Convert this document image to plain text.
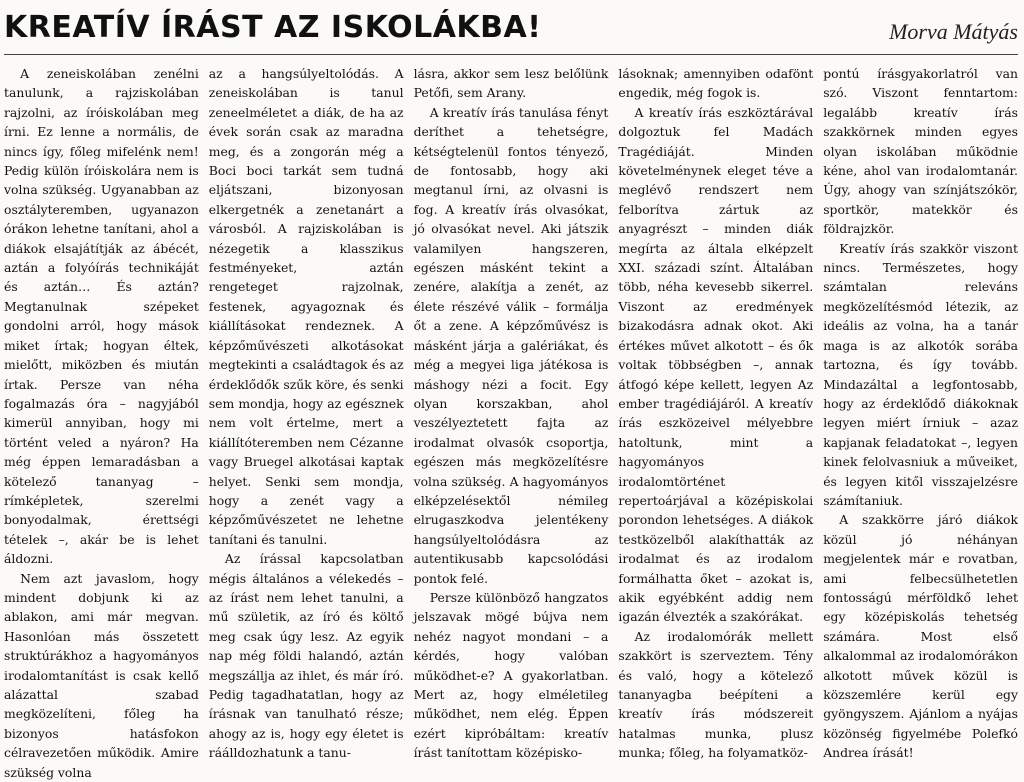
KREATÍV ÍRÁST AZ ISKOLÁKBA!	Morva Mátyás

A zeneiskolában zenélni tanulunk, a rajziskolában rajzolni, az íróiskolában meg írni. Ez lenne a normális, de nincs így, főleg mifelénk nem! Pedig külön íróiskolára nem is volna szükség. Ugyanabban az osztályteremben, ugyanazon órákon lehetne tanítani, ahol a diákok elsajátítják az ábécét, aztán a folyóírás technikáját és aztán… És aztán? Megtanulnak szépeket gondolni arról, hogy mások miket írtak; hogyan éltek, mielőtt, miközben és miután írtak. Persze van néha fogalmazás óra – nagyjából kimerül annyiban, hogy mi történt veled a nyáron? Ha még éppen lemaradásban a kötelező tananyag – rímképletek, szerelmi bonyodalmak, érettségi tételek –, akár be is lehet áldozni.

Nem azt javaslom, hogy mindent dobjunk ki az ablakon, ami már megvan. Hasonlóan más összetett struktúrákhoz a hagyományos irodalomtanítást is csak kellő alázattal szabad megközelíteni, főleg ha bizonyos hatásfokon célravezetően működik. Amire szükség volna

az a hangsúlyeltolódás. A zeneiskolában is tanul zeneelméletet a diák, de ha az évek során csak az maradna meg, és a zongorán még a Boci boci tarkát sem tudná eljátszani, bizonyosan elkergetnék a zenetanárt a városból. A rajziskolában is nézegetik a klasszikus festményeket, aztán rengeteget rajzolnak, festenek, agyagoznak és kiállításokat rendeznek. A képzőművészeti alkotásokat megtekinti a családtagok és az érdeklődők szűk köre, és senki sem mondja, hogy az egésznek nem volt értelme, mert a kiállítóteremben nem Cézanne vagy Bruegel alkotásai kaptak helyet. Senki sem mondja, hogy a zenét vagy a képzőművészetet ne lehetne tanítani és tanulni.

Az írással kapcsolatban mégis általános a vélekedés – az írást nem lehet tanulni, a mű születik, az író és költő meg csak úgy lesz. Az egyik nap még földi halandó, aztán megszállja az ihlet, és már író. Pedig tagadhatatlan, hogy az írásnak van tanulható része; ahogy az is, hogy egy életet is ráálldozhatunk a tanu-

lásra, akkor sem lesz belőlünk Petőfi, sem Arany.

A kreatív írás tanulása fényt deríthet a tehetségre, kétségtelenül fontos tényező, de fontosabb, hogy aki megtanul írni, az olvasni is fog. A kreatív írás olvasókat, jó olvasókat nevel. Aki játszik valamilyen hangszeren, egészen másként tekint a zenére, alakítja a zenét, az élete részévé válik – formálja őt a zene. A képzőművész is másként járja a galériákat, és még a megyei liga játékosa is máshogy nézi a focit. Egy olyan korszakban, ahol veszélyeztetett fajta az irodalmat olvasók csoportja, egészen más megközelítésre volna szükség. A hagyományos elképzelésektől némileg elrugaszkodva jelentékeny hangsúlyeltolódásra az autentikusabb kapcsolódási pontok felé.

Persze különböző hangzatos jelszavak mögé bújva nem nehéz nagyot mondani – a kérdés, hogy valóban működhet-e? A gyakorlatban. Mert az, hogy elméletileg működhet, nem elég. Éppen ezért kipróbáltam: kreatív írást tanítottam középisko-

lásoknak; amennyiben odafönt engedik, még fogok is.

A kreatív írás eszköztárával dolgoztuk fel Madách Tragédiáját. Minden követelménynek eleget téve a meglévő rendszert nem felborítva zártuk az anyagrészt – minden diák megírta az általa elképzelt XXI. századi színt. Általában több, néha kevesebb sikerrel. Viszont az eredmények bizakodásra adnak okot. Aki értékes művet alkotott – és ők voltak többségben –, annak átfogó képe kellett, legyen Az ember tragédiájáról. A kreatív írás eszközeivel mélyebbre hatoltunk, mint a hagyományos irodalomtörténet repertoárjával a középiskolai porondon lehetséges. A diákok testközelből alakíthatták az irodalmat és az irodalom formálhatta őket – azokat is, akik egyébként addig nem igazán élvezték a szakórákat.

Az irodalomórák mellett szakkört is szerveztem. Tény és való, hogy a kötelező tananyagba beépíteni a kreatív írás módszereit hatalmas munka, plusz munka; főleg, ha folyamatköz-

pontú írásgyakorlatról van szó. Viszont fenntartom: legalább kreatív írás szakkörnek minden egyes olyan iskolában működnie kéne, ahol van irodalomtanár. Úgy, ahogy van színjátszókör, sportkör, matekkör és földrajzkör.

Kreatív írás szakkör viszont nincs. Természetes, hogy számtalan releváns megközelítésmód létezik, az ideális az volna, ha a tanár maga is az alkotók sorába tartozna, és így tovább. Mindazáltal a legfontosabb, hogy az érdeklődő diákoknak legyen miért írniuk – azaz kapjanak feladatokat –, legyen kinek felolvasniuk a műveiket, és legyen kitől visszajelzésre számítaniuk.

A szakkörre járó diákok közül jó néhányan megjelentek már e rovatban, ami felbecsülhetetlen fontosságú mérföldkő lehet egy középiskolás tehetség számára. Most első alkalommal az irodalomórákon alkotott művek közül is közszemlére kerül egy gyöngyszem. Ajánlom a nyájas közönség figyelmébe Polefkó Andrea írását!
